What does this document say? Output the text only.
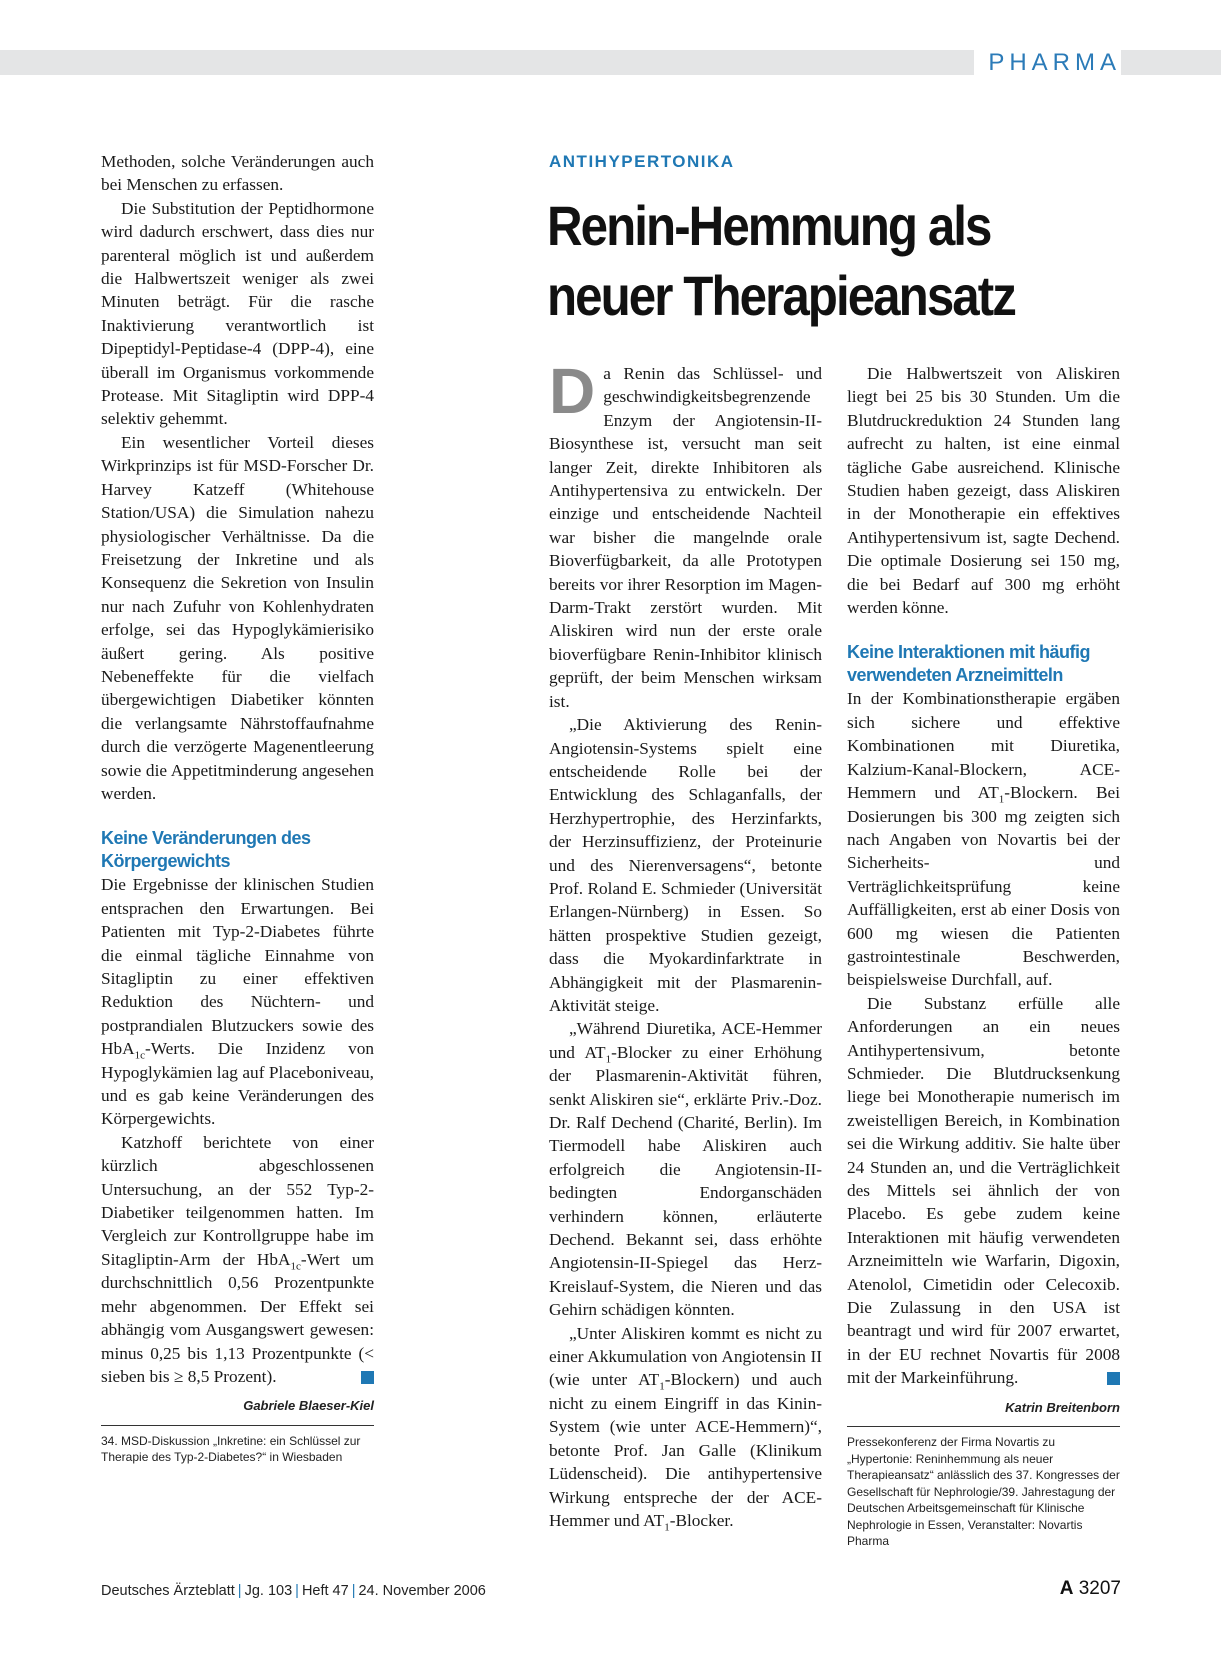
PHARMA

Methoden, solche Veränderungen auch bei Menschen zu erfassen.

Die Substitution der Peptidhormone wird dadurch erschwert, dass dies nur parenteral möglich ist und außerdem die Halbwertszeit weniger als zwei Minuten beträgt. Für die rasche Inaktivierung verantwortlich ist Dipeptidyl-Peptidase-4 (DPP-4), eine überall im Organismus vorkommende Protease. Mit Sitagliptin wird DPP-4 selektiv gehemmt.

Ein wesentlicher Vorteil dieses Wirkprinzips ist für MSD-Forscher Dr. Harvey Katzeff (Whitehouse Station/USA) die Simulation nahezu physiologischer Verhältnisse. Da die Freisetzung der Inkretine und als Konsequenz die Sekretion von Insulin nur nach Zufuhr von Kohlenhydraten erfolge, sei das Hypoglykämierisiko äußert gering. Als positive Nebeneffekte für die vielfach übergewichtigen Diabetiker könnten die verlangsamte Nährstoffaufnahme durch die verzögerte Magenentleerung sowie die Appetitminderung angesehen werden.

Keine Veränderungen des Körpergewichts

Die Ergebnisse der klinischen Studien entsprachen den Erwartungen. Bei Patienten mit Typ-2-Diabetes führte die einmal tägliche Einnahme von Sitagliptin zu einer effektiven Reduktion des Nüchtern- und postprandialen Blutzuckers sowie des HbA$_{1c}$-Werts. Die Inzidenz von Hypoglykämien lag auf Placeboniveau, und es gab keine Veränderungen des Körpergewichts.

Katzhoff berichtete von einer kürzlich abgeschlossenen Untersuchung, an der 552 Typ-2-Diabetiker teilgenommen hatten. Im Vergleich zur Kontrollgruppe habe im Sitagliptin-Arm der HbA$_{1c}$-Wert um durchschnittlich 0,56 Prozentpunkte mehr abgenommen. Der Effekt sei abhängig vom Ausgangswert gewesen: minus 0,25 bis 1,13 Prozentpunkte (< sieben bis ≥ 8,5 Prozent).

Gabriele Blaeser-Kiel
34. MSD-Diskussion „Inkretine: ein Schlüssel zur Therapie des Typ-2-Diabetes?“ in Wiesbaden
ANTIHYPERTONIKA
Renin-Hemmung als neuer Therapieansatz

Da Renin das Schlüssel- und geschwindigkeitsbegrenzende Enzym der Angiotensin-II-Biosynthese ist, versucht man seit langer Zeit, direkte Inhibitoren als Antihypertensiva zu entwickeln. Der einzige und entscheidende Nachteil war bisher die mangelnde orale Bioverfügbarkeit, da alle Prototypen bereits vor ihrer Resorption im Magen-Darm-Trakt zerstört wurden. Mit Aliskiren wird nun der erste orale bioverfügbare Renin-Inhibitor klinisch geprüft, der beim Menschen wirksam ist.

„Die Aktivierung des Renin-Angiotensin-Systems spielt eine entscheidende Rolle bei der Entwicklung des Schlaganfalls, der Herzhypertrophie, des Herzinfarkts, der Herzinsuffizienz, der Proteinurie und des Nierenversagens“, betonte Prof. Roland E. Schmieder (Universität Erlangen-Nürnberg) in Essen. So hätten prospektive Studien gezeigt, dass die Myokardinfarktrate in Abhängigkeit mit der Plasmarenin-Aktivität steige.

„Während Diuretika, ACE-Hemmer und $AT_1$-Blocker zu einer Erhöhung der Plasmarenin-Aktivität führen, senkt Aliskiren sie“, erklärte Priv.-Doz. Dr. Ralf Dechend (Charité, Berlin). Im Tiermodell habe Aliskiren auch erfolgreich die Angiotensin-II-bedingten Endorganschäden verhindern können, erläuterte Dechend. Bekannt sei, dass erhöhte Angiotensin-II-Spiegel das Herz-Kreislauf-System, die Nieren und das Gehirn schädigen könnten.

„Unter Aliskiren kommt es nicht zu einer Akkumulation von Angiotensin II (wie unter $AT_1-Blockern$) und auch nicht zu einem Eingriff in das Kinin-System (wie unter ACE-Hemmern)“, betonte Prof. Jan Galle (Klinikum Lüdenscheid). Die antihypertensive Wirkung entspreche der der ACE-Hemmer und $AT_1$-Blocker.

Die Halbwertszeit von Aliskiren liegt bei 25 bis 30 Stunden. Um die Blutdruckreduktion 24 Stunden lang aufrecht zu halten, ist eine einmal tägliche Gabe ausreichend. Klinische Studien haben gezeigt, dass Aliskiren in der Monotherapie ein effektives Antihypertensivum ist, sagte Dechend. Die optimale Dosierung sei 150 mg, die bei Bedarf auf 300 mg erhöht werden könne.

Keine Interaktionen mit häufig verwendeten Arzneimitteln

In der Kombinationstherapie ergäben sich sichere und effektive Kombinationen mit Diuretika, Kalzium-Kanal-Blockern, ACE-Hemmern und $AT_1$-Blockern. Bei Dosierungen bis 300 mg zeigten sich nach Angaben von Novartis bei der Sicherheits- und Verträglichkeitsprüfung keine Auffälligkeiten, erst ab einer Dosis von 600 mg wiesen die Patienten gastrointestinale Beschwerden, beispielsweise Durchfall, auf.

Die Substanz erfülle alle Anforderungen an ein neues Antihypertensivum, betonte Schmieder. Die Blutdrucksenkung liege bei Monotherapie numerisch im zweistelligen Bereich, in Kombination sei die Wirkung additiv. Sie halte über 24 Stunden an, und die Verträglichkeit des Mittels sei ähnlich der von Placebo. Es gebe zudem keine Interaktionen mit häufig verwendeten Arzneimitteln wie Warfarin, Digoxin, Atenolol, Cimetidin oder Celecoxib. Die Zulassung in den USA ist beantragt und wird für 2007 erwartet, in der EU rechnet Novartis für 2008 mit der Markeinführung.

Katrin Breitenborn
Pressekonferenz der Firma Novartis zu „Hypertonie: Reninhemmung als neuer Therapieansatz“ anlässlich des 37. Kongresses der Gesellschaft für Nephrologie/39. Jahrestagung der Deutschen Arbeitsgemeinschaft für Klinische Nephrologie in Essen, Veranstalter: Novartis Pharma
Deutsches Ärzteblatt | Jg. 103 | Heft 47 | 24. November 2006	A 3207
